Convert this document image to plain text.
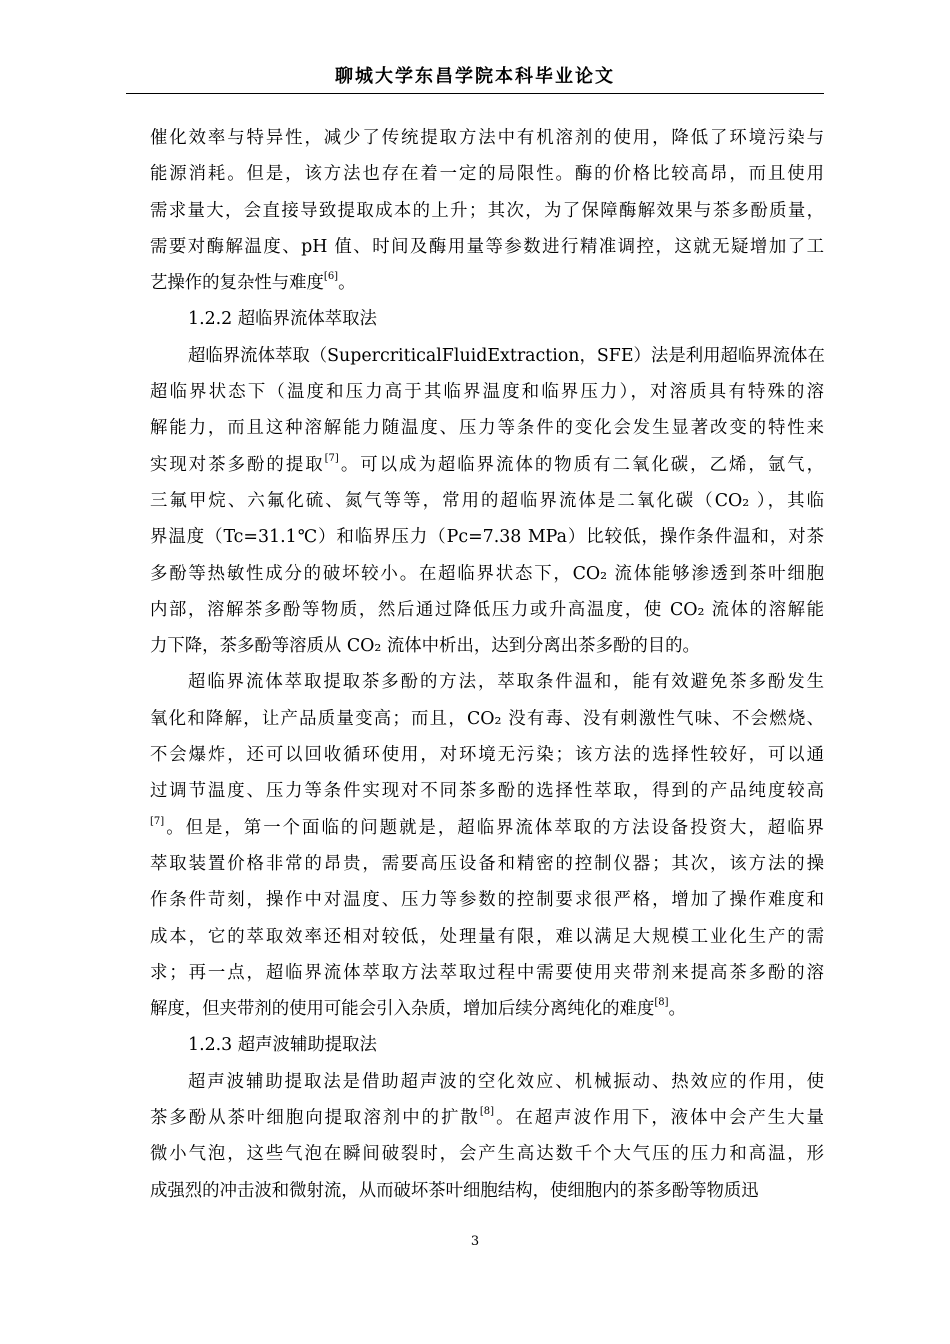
聊城大学东昌学院本科毕业论文
催化效率与特异性，减少了传统提取方法中有机溶剂的使用，降低了环境污染与
能源消耗。但是，该方法也存在着一定的局限性。酶的价格比较高昂，而且使用
需求量大，会直接导致提取成本的上升；其次，为了保障酶解效果与茶多酚质量，
需要对酶解温度、pH 值、时间及酶用量等参数进行精准调控，这就无疑增加了工
艺操作的复杂性与难度[6]。
1.2.2 超临界流体萃取法
超临界流体萃取（SupercriticalFluidExtraction，SFE）法是利用超临界流体在
超临界状态下（温度和压力高于其临界温度和临界压力），对溶质具有特殊的溶
解能力，而且这种溶解能力随温度、压力等条件的变化会发生显著改变的特性来
实现对茶多酚的提取[7]。可以成为超临界流体的物质有二氧化碳，乙烯，氩气，
三氟甲烷、六氟化硫、氮气等等，常用的超临界流体是二氧化碳（CO₂ ），其临
界温度（Tc=31.1℃）和临界压力（Pc=7.38 MPa）比较低，操作条件温和，对茶
多酚等热敏性成分的破坏较小。在超临界状态下，CO₂ 流体能够渗透到茶叶细胞
内部，溶解茶多酚等物质，然后通过降低压力或升高温度，使 CO₂ 流体的溶解能
力下降，茶多酚等溶质从 CO₂ 流体中析出，达到分离出茶多酚的目的。
超临界流体萃取提取茶多酚的方法，萃取条件温和，能有效避免茶多酚发生
氧化和降解，让产品质量变高；而且，CO₂ 没有毒、没有刺激性气味、不会燃烧、
不会爆炸，还可以回收循环使用，对环境无污染；该方法的选择性较好，可以通
过调节温度、压力等条件实现对不同茶多酚的选择性萃取，得到的产品纯度较高
[7]。但是，第一个面临的问题就是，超临界流体萃取的方法设备投资大，超临界
萃取装置价格非常的昂贵，需要高压设备和精密的控制仪器；其次，该方法的操
作条件苛刻，操作中对温度、压力等参数的控制要求很严格，增加了操作难度和
成本，它的萃取效率还相对较低，处理量有限，难以满足大规模工业化生产的需
求；再一点，超临界流体萃取方法萃取过程中需要使用夹带剂来提高茶多酚的溶
解度，但夹带剂的使用可能会引入杂质，增加后续分离纯化的难度[8]。
1.2.3 超声波辅助提取法
超声波辅助提取法是借助超声波的空化效应、机械振动、热效应的作用，使
茶多酚从茶叶细胞向提取溶剂中的扩散[8]。在超声波作用下，液体中会产生大量
微小气泡，这些气泡在瞬间破裂时，会产生高达数千个大气压的压力和高温，形
成强烈的冲击波和微射流，从而破坏茶叶细胞结构，使细胞内的茶多酚等物质迅
3
